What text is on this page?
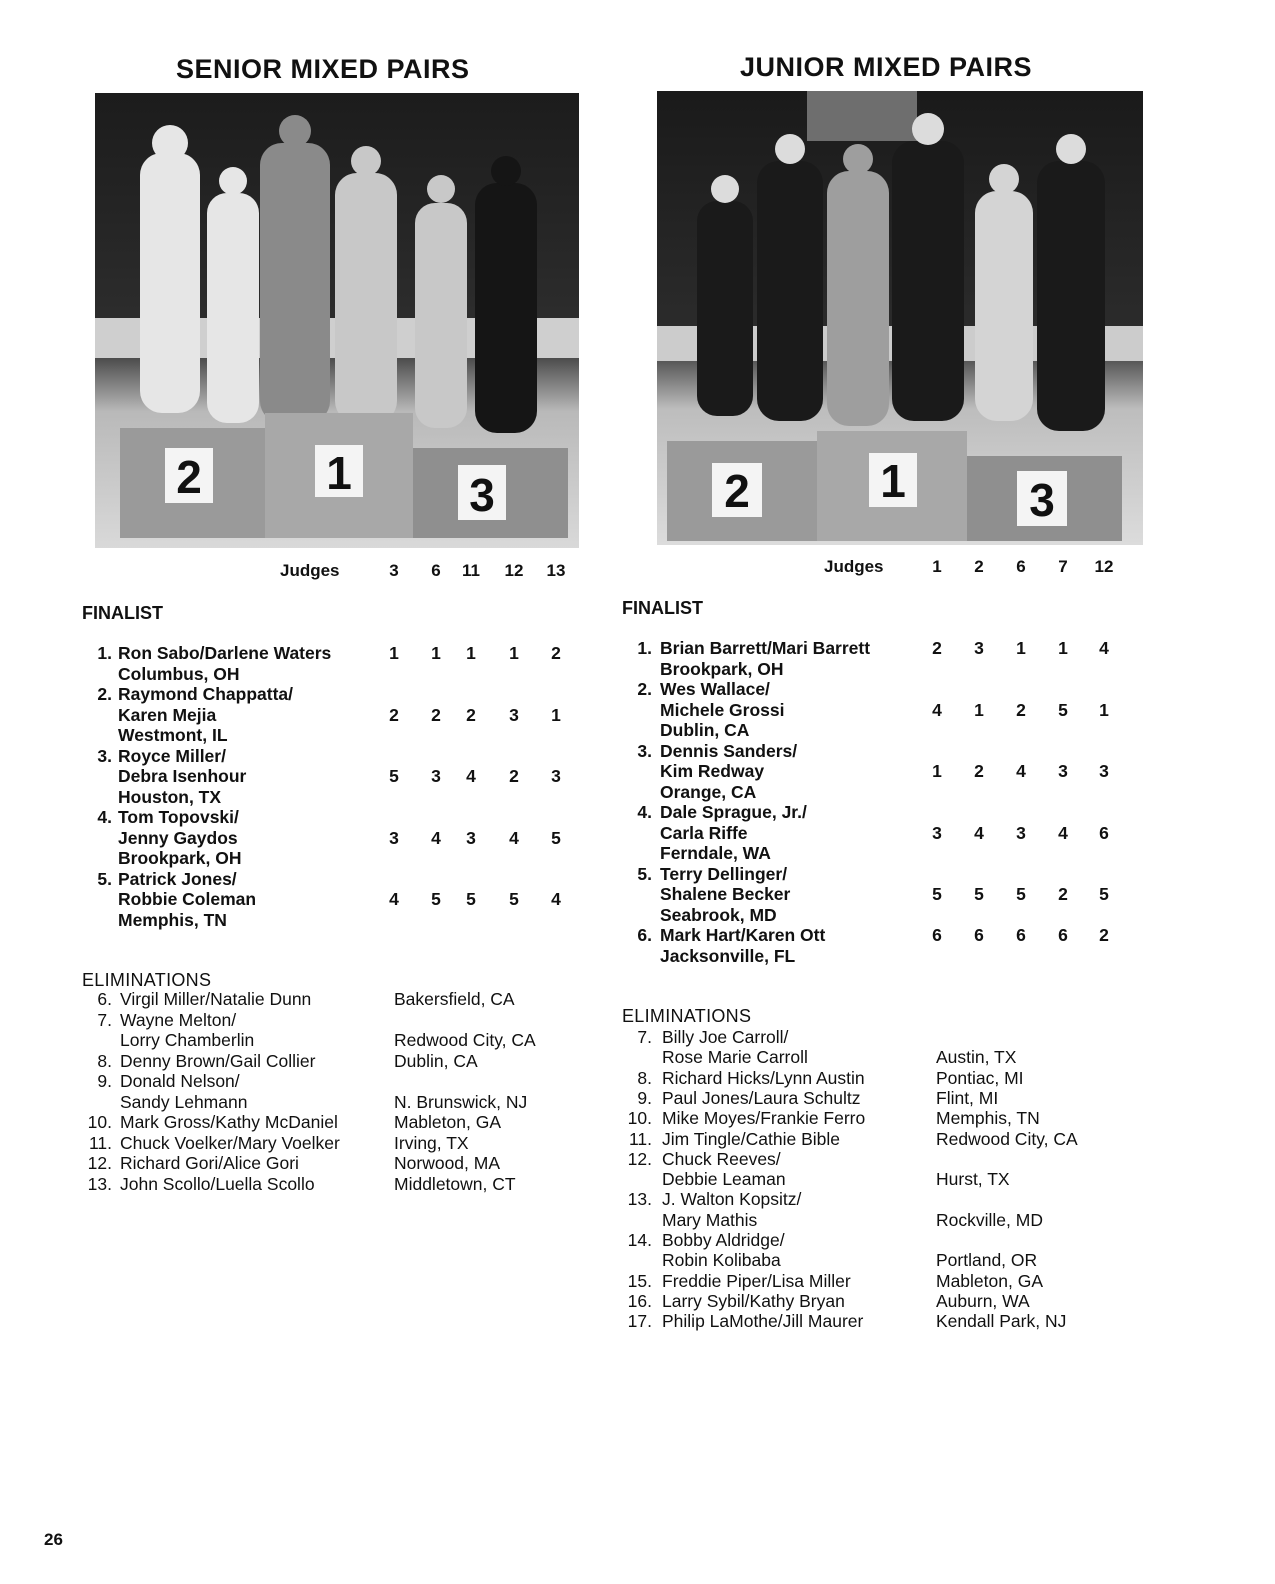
SENIOR MIXED PAIRS
2	1	3
Judges	3	6	11 12 13
FINALIST
1. Ron Sabo/Darlene Waters	1 1 1 1 2
Columbus, OH
2. Raymond Chappatta/
Karen Mejia	2 2 2 3 1
Westmont, IL
3. Royce Miller/
Debra Isenhour	5 3 4 2 3
Houston, TX
4. Tom Topovski/
Jenny Gaydos	3 4 3 4 5
Brookpark, OH
5. Patrick Jones/
Robbie Coleman	4 5 5 5 4
Memphis, TN
ELIMINATIONS
6. Virgil Miller/Natalie Dunn	Bakersfield, CA
7. Wayne Melton/
Lorry Chamberlin	Redwood City, CA
8. Denny Brown/Gail Collier	Dublin, CA
9. Donald Nelson/
Sandy Lehmann	N. Brunswick, NJ
10. Mark Gross/Kathy McDaniel	Mableton, GA
11. Chuck Voelker/Mary Voelker	Irving, TX
12. Richard Gori/Alice Gori	Norwood, MA
13. John Scollo/Luella Scollo	Middletown, CT
JUNIOR MIXED PAIRS
2	1	3
Judges	1	2	6	7	12
FINALIST
1. Brian Barrett/Mari Barrett	2 3 1 1 4
Brookpark, OH
2. Wes Wallace/
Michele Grossi	4 1 2 5 1
Dublin, CA
3. Dennis Sanders/
Kim Redway	1 2 4 3 3
Orange, CA
4. Dale Sprague, Jr./
Carla Riffe	3 4 3 4 6
Ferndale, WA
5. Terry Dellinger/
Shalene Becker	5 5 5 2 5
Seabrook, MD
6. Mark Hart/Karen Ott	6 6 6 6 2
Jacksonville, FL
ELIMINATIONS
7. Billy Joe Carroll/
Rose Marie Carroll	Austin, TX
8. Richard Hicks/Lynn Austin	Pontiac, MI
9. Paul Jones/Laura Schultz	Flint, MI
10. Mike Moyes/Frankie Ferro	Memphis, TN
11. Jim Tingle/Cathie Bible	Redwood City, CA
12. Chuck Reeves/
Debbie Leaman	Hurst, TX
13. J. Walton Kopsitz/
Mary Mathis	Rockville, MD
14. Bobby Aldridge/
Robin Kolibaba	Portland, OR
15. Freddie Piper/Lisa Miller	Mableton, GA
16. Larry Sybil/Kathy Bryan	Auburn, WA
17. Philip LaMothe/Jill Maurer	Kendall Park, NJ
26
